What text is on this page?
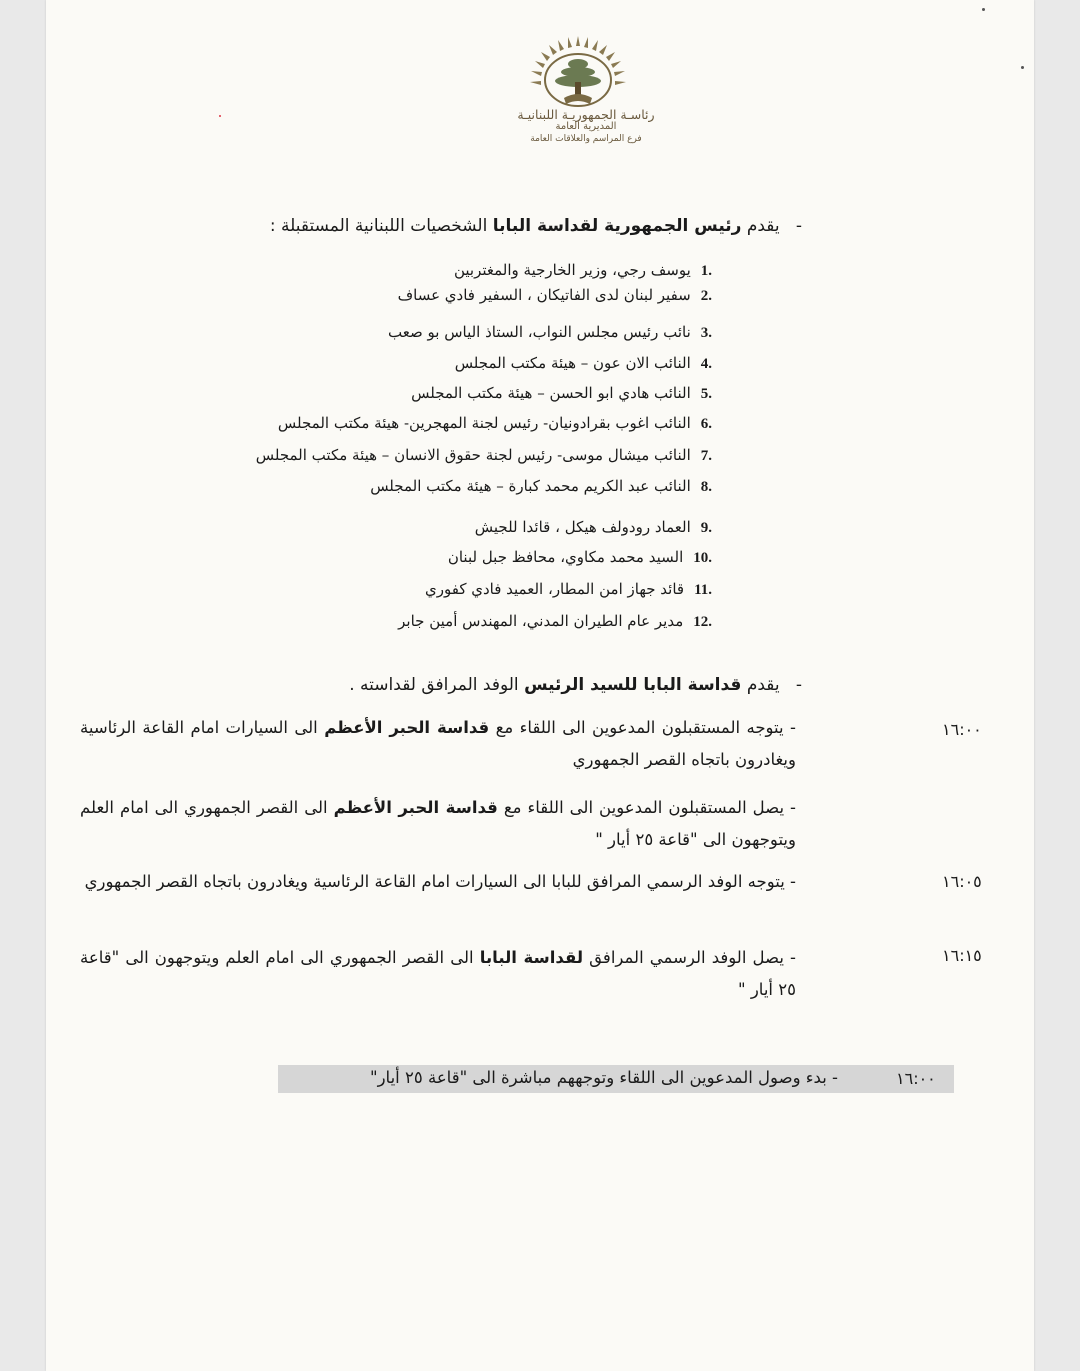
رئاسـة الجمهوريـة اللبنانيـة
المديرية العامة
فرع المراسم والعلاقات العامة
-   يقدم رئيس الجمهورية لقداسة البابا الشخصيات اللبنانية المستقبلة :
.1يوسف رجي، وزير الخارجية والمغتربين
.2سفير لبنان لدى الفاتيكان ، السفير فادي عساف
.3نائب رئيس مجلس النواب، الستاذ الياس بو صعب
.4النائب الان عون – هيئة مكتب المجلس
.5النائب هادي ابو الحسن – هيئة مكتب المجلس
.6النائب اغوب بقرادونيان- رئيس لجنة المهجرين- هيئة مكتب المجلس
.7النائب ميشال موسى- رئيس لجنة حقوق الانسان – هيئة مكتب المجلس
.8النائب عبد الكريم محمد كبارة – هيئة مكتب المجلس
.9العماد رودولف هيكل ، قائدا للجيش
.10السيد محمد مكاوي، محافظ جبل لبنان
.11قائد جهاز امن المطار، العميد فادي كفوري
.12مدير عام الطيران المدني، المهندس أمين جابر
-   يقدم قداسة البابا للسيد الرئيس الوفد المرافق لقداسته .
١٦:٠٠
- يتوجه المستقبلون المدعوين الى اللقاء مع قداسة الحبر الأعظم الى السيارات امام القاعة الرئاسية ويغادرون باتجاه القصر الجمهوري
- يصل المستقبلون المدعوين الى اللقاء مع قداسة الحبر الأعظم الى القصر الجمهوري الى امام العلم ويتوجهون الى "قاعة ٢٥ أيار "
١٦:٠٥
- يتوجه الوفد الرسمي المرافق للبابا الى السيارات امام القاعة الرئاسية ويغادرون باتجاه القصر الجمهوري
١٦:١٥
- يصل الوفد الرسمي المرافق لقداسة البابا الى القصر الجمهوري الى امام العلم ويتوجهون الى "قاعة ٢٥ أيار "
١٦:٠٠
- بدء وصول المدعوين الى اللقاء وتوجههم مباشرة الى "قاعة ٢٥ أيار"
